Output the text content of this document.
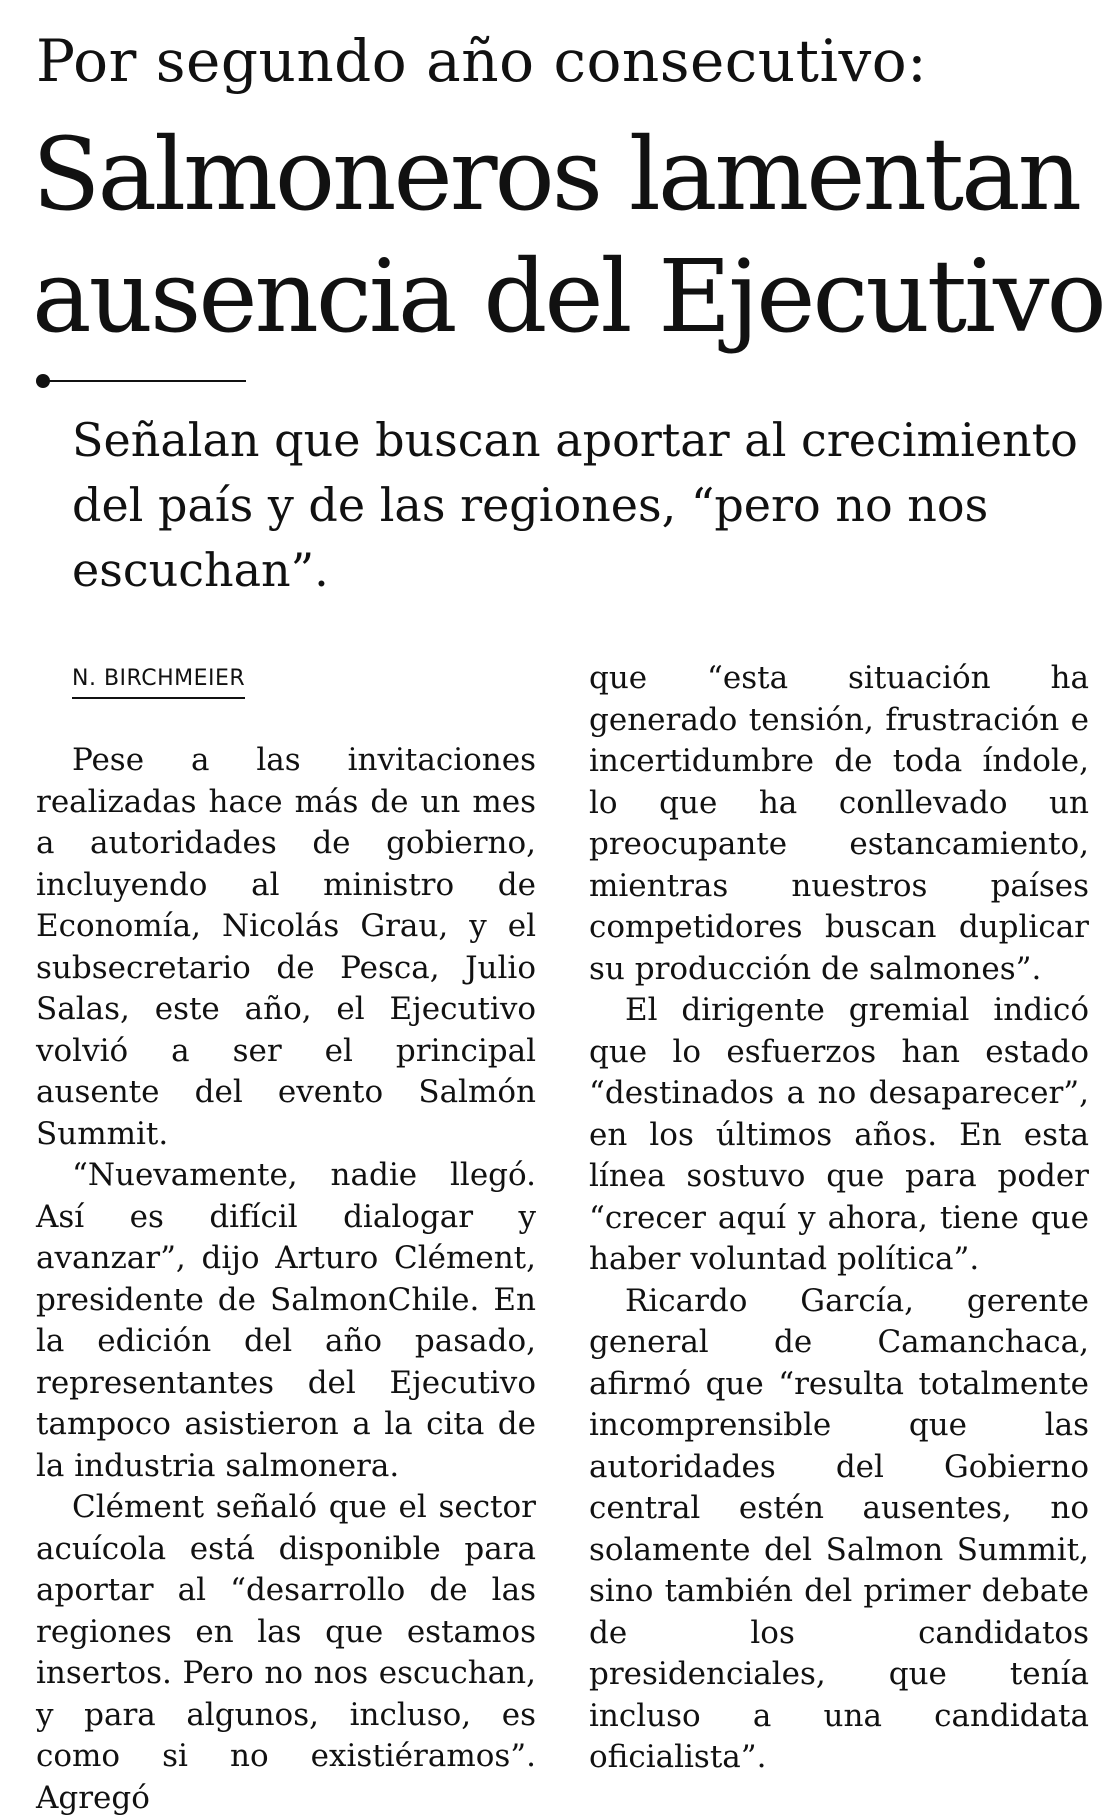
Por segundo año consecutivo:
Salmoneros lamentan
ausencia del Ejecutivo

Señalan que buscan aportar al crecimiento del país y de las regiones, “pero no nos escuchan”.

N. BIRCHMEIER

Pese a las invitaciones realizadas hace más de un mes a autoridades de gobierno, incluyendo al ministro de Economía, Nicolás Grau, y el subsecretario de Pesca, Julio Salas, este año, el Ejecutivo volvió a ser el principal ausente del evento Salmón Summit.

“Nuevamente, nadie llegó. Así es difícil dialogar y avanzar”, dijo Arturo Clément, presidente de SalmonChile. En la edición del año pasado, representantes del Ejecutivo tampoco asistieron a la cita de la industria salmonera.

Clément señaló que el sector acuícola está disponible para aportar al “desarrollo de las regiones en las que estamos insertos. Pero no nos escuchan, y para algunos, incluso, es como si no existiéramos”. Agregó

que “esta situación ha generado tensión, frustración e incertidumbre de toda índole, lo que ha conllevado un preocupante estancamiento, mientras nuestros países competidores buscan duplicar su producción de salmones”.

El dirigente gremial indicó que lo esfuerzos han estado “destinados a no desaparecer”, en los últimos años. En esta línea sostuvo que para poder “crecer aquí y ahora, tiene que haber voluntad política”.

Ricardo García, gerente general de Camanchaca, afirmó que “resulta totalmente incomprensible que las autoridades del Gobierno central estén ausentes, no solamente del Salmon Summit, sino también del primer debate de los candidatos presidenciales, que tenía incluso a una candidata oficialista”.
